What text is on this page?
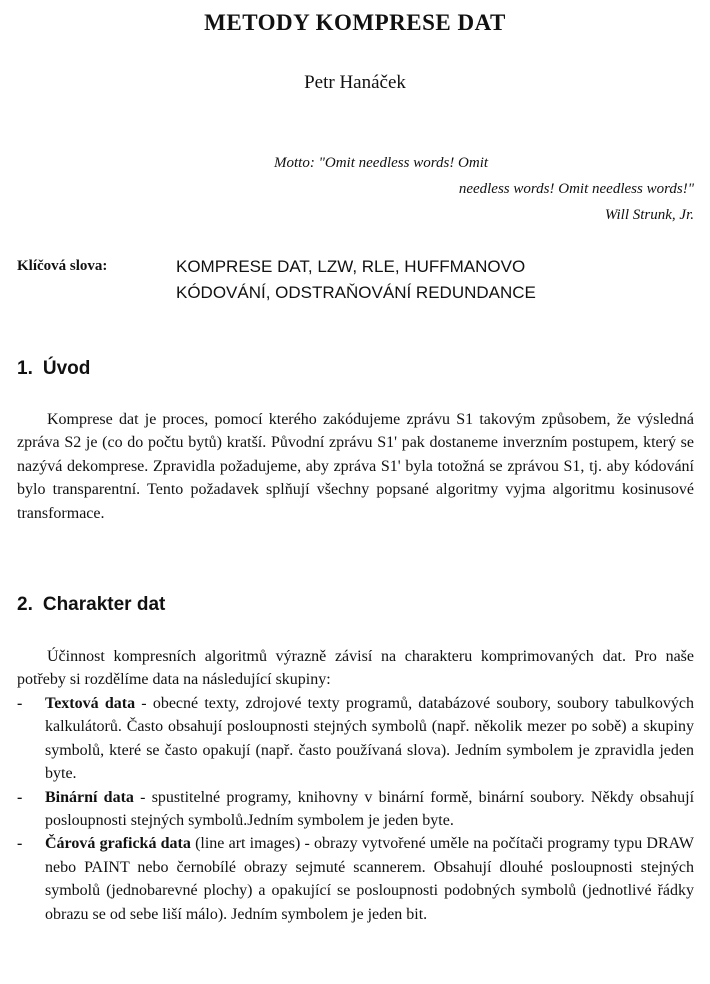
METODY KOMPRESE DAT
Petr Hanáček
Motto: "Omit needless words! Omit
needless words! Omit needless words!"
Will Strunk, Jr.
Klíčová slova:	KOMPRESE DAT, LZW, RLE, HUFFMANOVO
KÓDOVÁNÍ, ODSTRAŇOVÁNÍ REDUNDANCE
1. Úvod
Komprese dat je proces, pomocí kterého zakódujeme zprávu S1 takovým způsobem, že výsledná zpráva S2 je (co do počtu bytů) kratší. Původní zprávu S1' pak dostaneme inverzním postupem, který se nazývá dekomprese. Zpravidla požadujeme, aby zpráva S1' byla totožná se zprávou S1, tj. aby kódování bylo transparentní. Tento požadavek splňují všechny popsané algoritmy vyjma algoritmu kosinusové transformace.
2. Charakter dat
Účinnost kompresních algoritmů výrazně závisí na charakteru komprimovaných dat. Pro naše potřeby si rozdělíme data na následující skupiny:
- Textová data - obecné texty, zdrojové texty programů, databázové soubory, soubory tabulkových kalkulátorů. Často obsahují posloupnosti stejných symbolů (např. několik mezer po sobě) a skupiny symbolů, které se často opakují (např. často používaná slova). Jedním symbolem je zpravidla jeden byte.
- Binární data - spustitelné programy, knihovny v binární formě, binární soubory. Někdy obsahují posloupnosti stejných symbolů.Jedním symbolem je jeden byte.
- Čárová grafická data (line art images) - obrazy vytvořené uměle na počítači programy typu DRAW nebo PAINT nebo černobílé obrazy sejmuté scannerem. Obsahují dlouhé posloupnosti stejných symbolů (jednobarevné plochy) a opakující se posloupnosti podobných symbolů (jednotlivé řádky obrazu se od sebe liší málo). Jedním symbolem je jeden bit.
